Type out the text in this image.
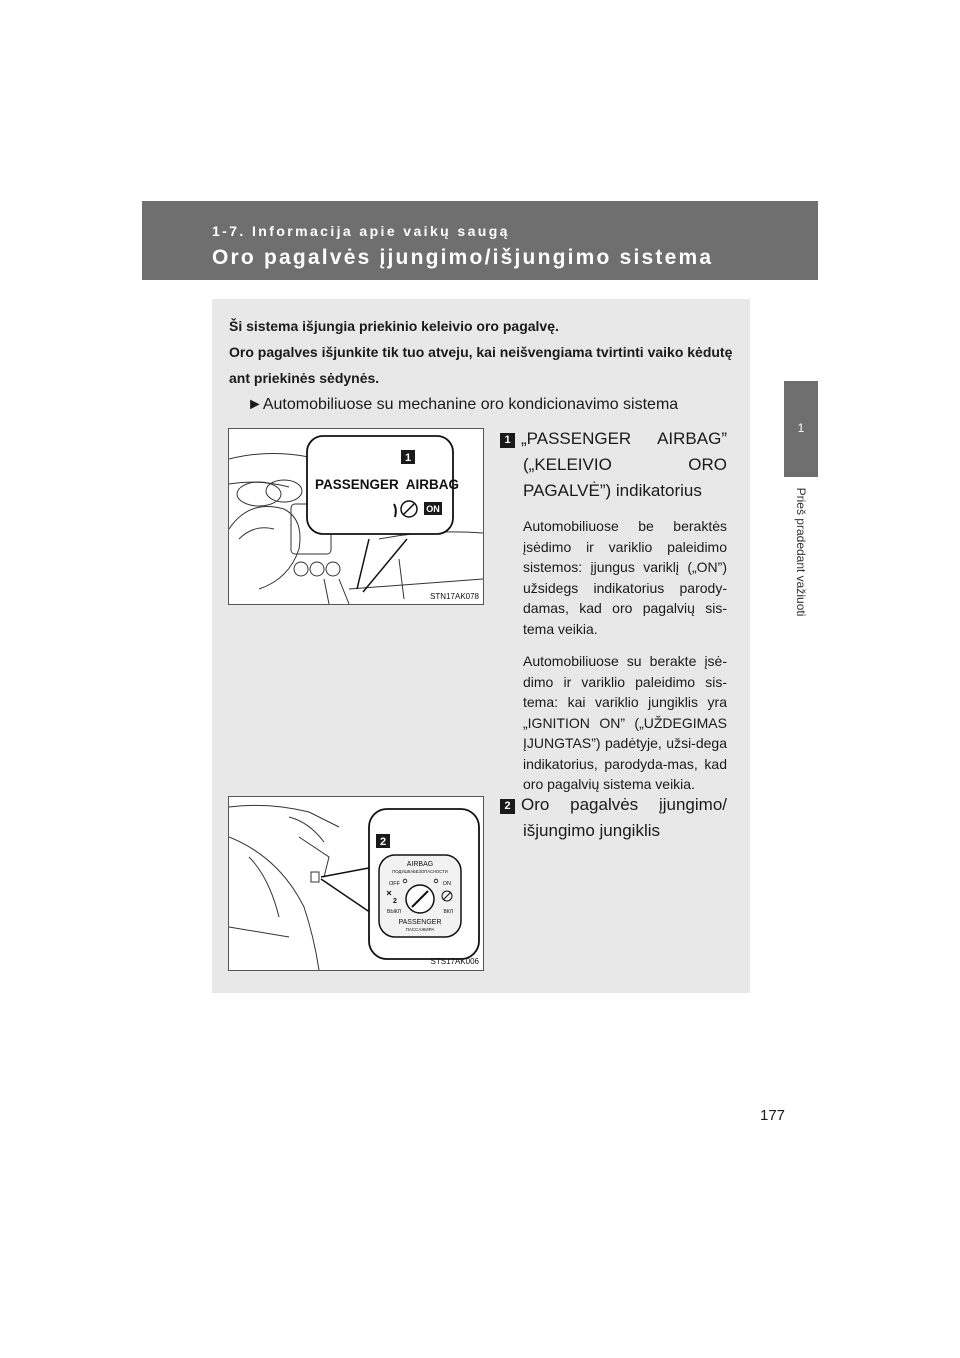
1-7. Informacija apie vaikų saugą
Oro pagalvės įjungimo/išjungimo sistema
1
Prieš pradedant važiuoti

Ši sistema išjungia priekinio keleivio oro pagalvę.

Oro pagalves išjunkite tik tuo atveju, kai neišvengiama tvirtinti vaiko kėdutę ant priekinės sėdynės.

►Automobiliuose su mechanine oro kondicionavimo sistema
1
PASSENGER  AIRBAG
ON
STN17AK078
1 „PASSENGER AIRBAG” („KELEIVIO ORO PAGALVĖ”) indikatorius
Automobiliuose be beraktės įsėdimo ir variklio paleidimo sistemos: įjungus variklį („ON”) užsidegs indikatorius parody-damas, kad oro pagalvių sis-tema veikia.
Automobiliuose su berakte įsė-dimo ir variklio paleidimo sis-tema: kai variklio jungiklis yra „IGNITION ON” („UŽDEGIMAS ĮJUNGTAS”) padėtyje, užsi-dega indikatorius, parodyda-mas, kad oro pagalvių sistema veikia.
2
AIRBAG
ПОДУШКАБЕЗОПАСНОСТИ
OFF	ON
2
ВЫКЛ	ВКЛ
PASSENGER
ПАССАЖИРА
STS17AK006
2 Oro pagalvės įjungimo/ išjungimo jungiklis
177
